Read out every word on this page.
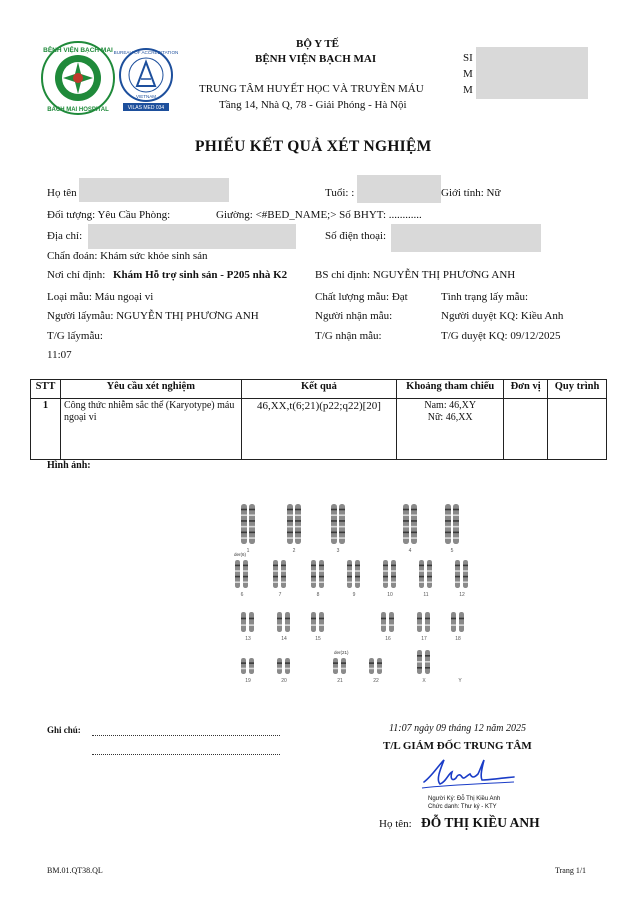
BỆNH VIỆN BẠCH MAI
BACH MAI HOSPITAL
BUREAU OF ACCREDITATION
VIETNAM
VILAS MED 034
BỘ Y TẾ
BỆNH VIỆN BẠCH MAI
TRUNG TÂM HUYẾT HỌC VÀ TRUYỀN MÁU
Tầng 14, Nhà Q, 78 - Giải Phóng - Hà Nội
SI
M
M
PHIẾU KẾT QUẢ XÉT NGHIỆM
Họ tên	Tuổi: :	Giới tính: Nữ
Đối tượng: Yêu Cầu Phòng:	Giường: <#BED_NAME;> Số BHYT: ............
Địa chỉ:	Số điện thoại:
Chẩn đoán: Khám sức khỏe sinh sản
Nơi chỉ định: Khám Hỗ trợ sinh sản - P205 nhà K2	BS chỉ định: NGUYỄN THỊ PHƯƠNG ANH
Loại mẫu: Máu ngoại vi	Chất lượng mẫu: Đạt	Tình trạng lấy mẫu:
Người lấymẫu: NGUYỄN THỊ PHƯƠNG ANH	Người nhận mẫu:	Người duyệt KQ: Kiều Anh
T/G lấymẫu:	T/G nhận mẫu:	T/G duyệt KQ: 09/12/2025
11:07
STT	Yêu cầu xét nghiệm	Kết quả	Khoảng tham chiếu	Đơn vị	Quy trình
1	Công thức nhiễm sắc thể (Karyotype) máu ngoại vi	46,XX,t(6;21)(p22;q22)[20]	Nam: 46,XY
Nữ: 46,XX		

Hình ảnh:
1	2	3	4	5
6	7	8	9	10	11	12
13	14	15	16	17	18
19	20	21	22	X	Y
der(6)
der(21)
Ghi chú:	11:07 ngày 09 tháng 12 năm 2025
T/L GIÁM ĐỐC TRUNG TÂM
Người Ký: Đỗ Thị Kiều Anh
Chức danh: Thư ký - KTY
Họ tên: ĐỖ THỊ KIỀU ANH
BM.01.QT38.QL	Trang 1/1
